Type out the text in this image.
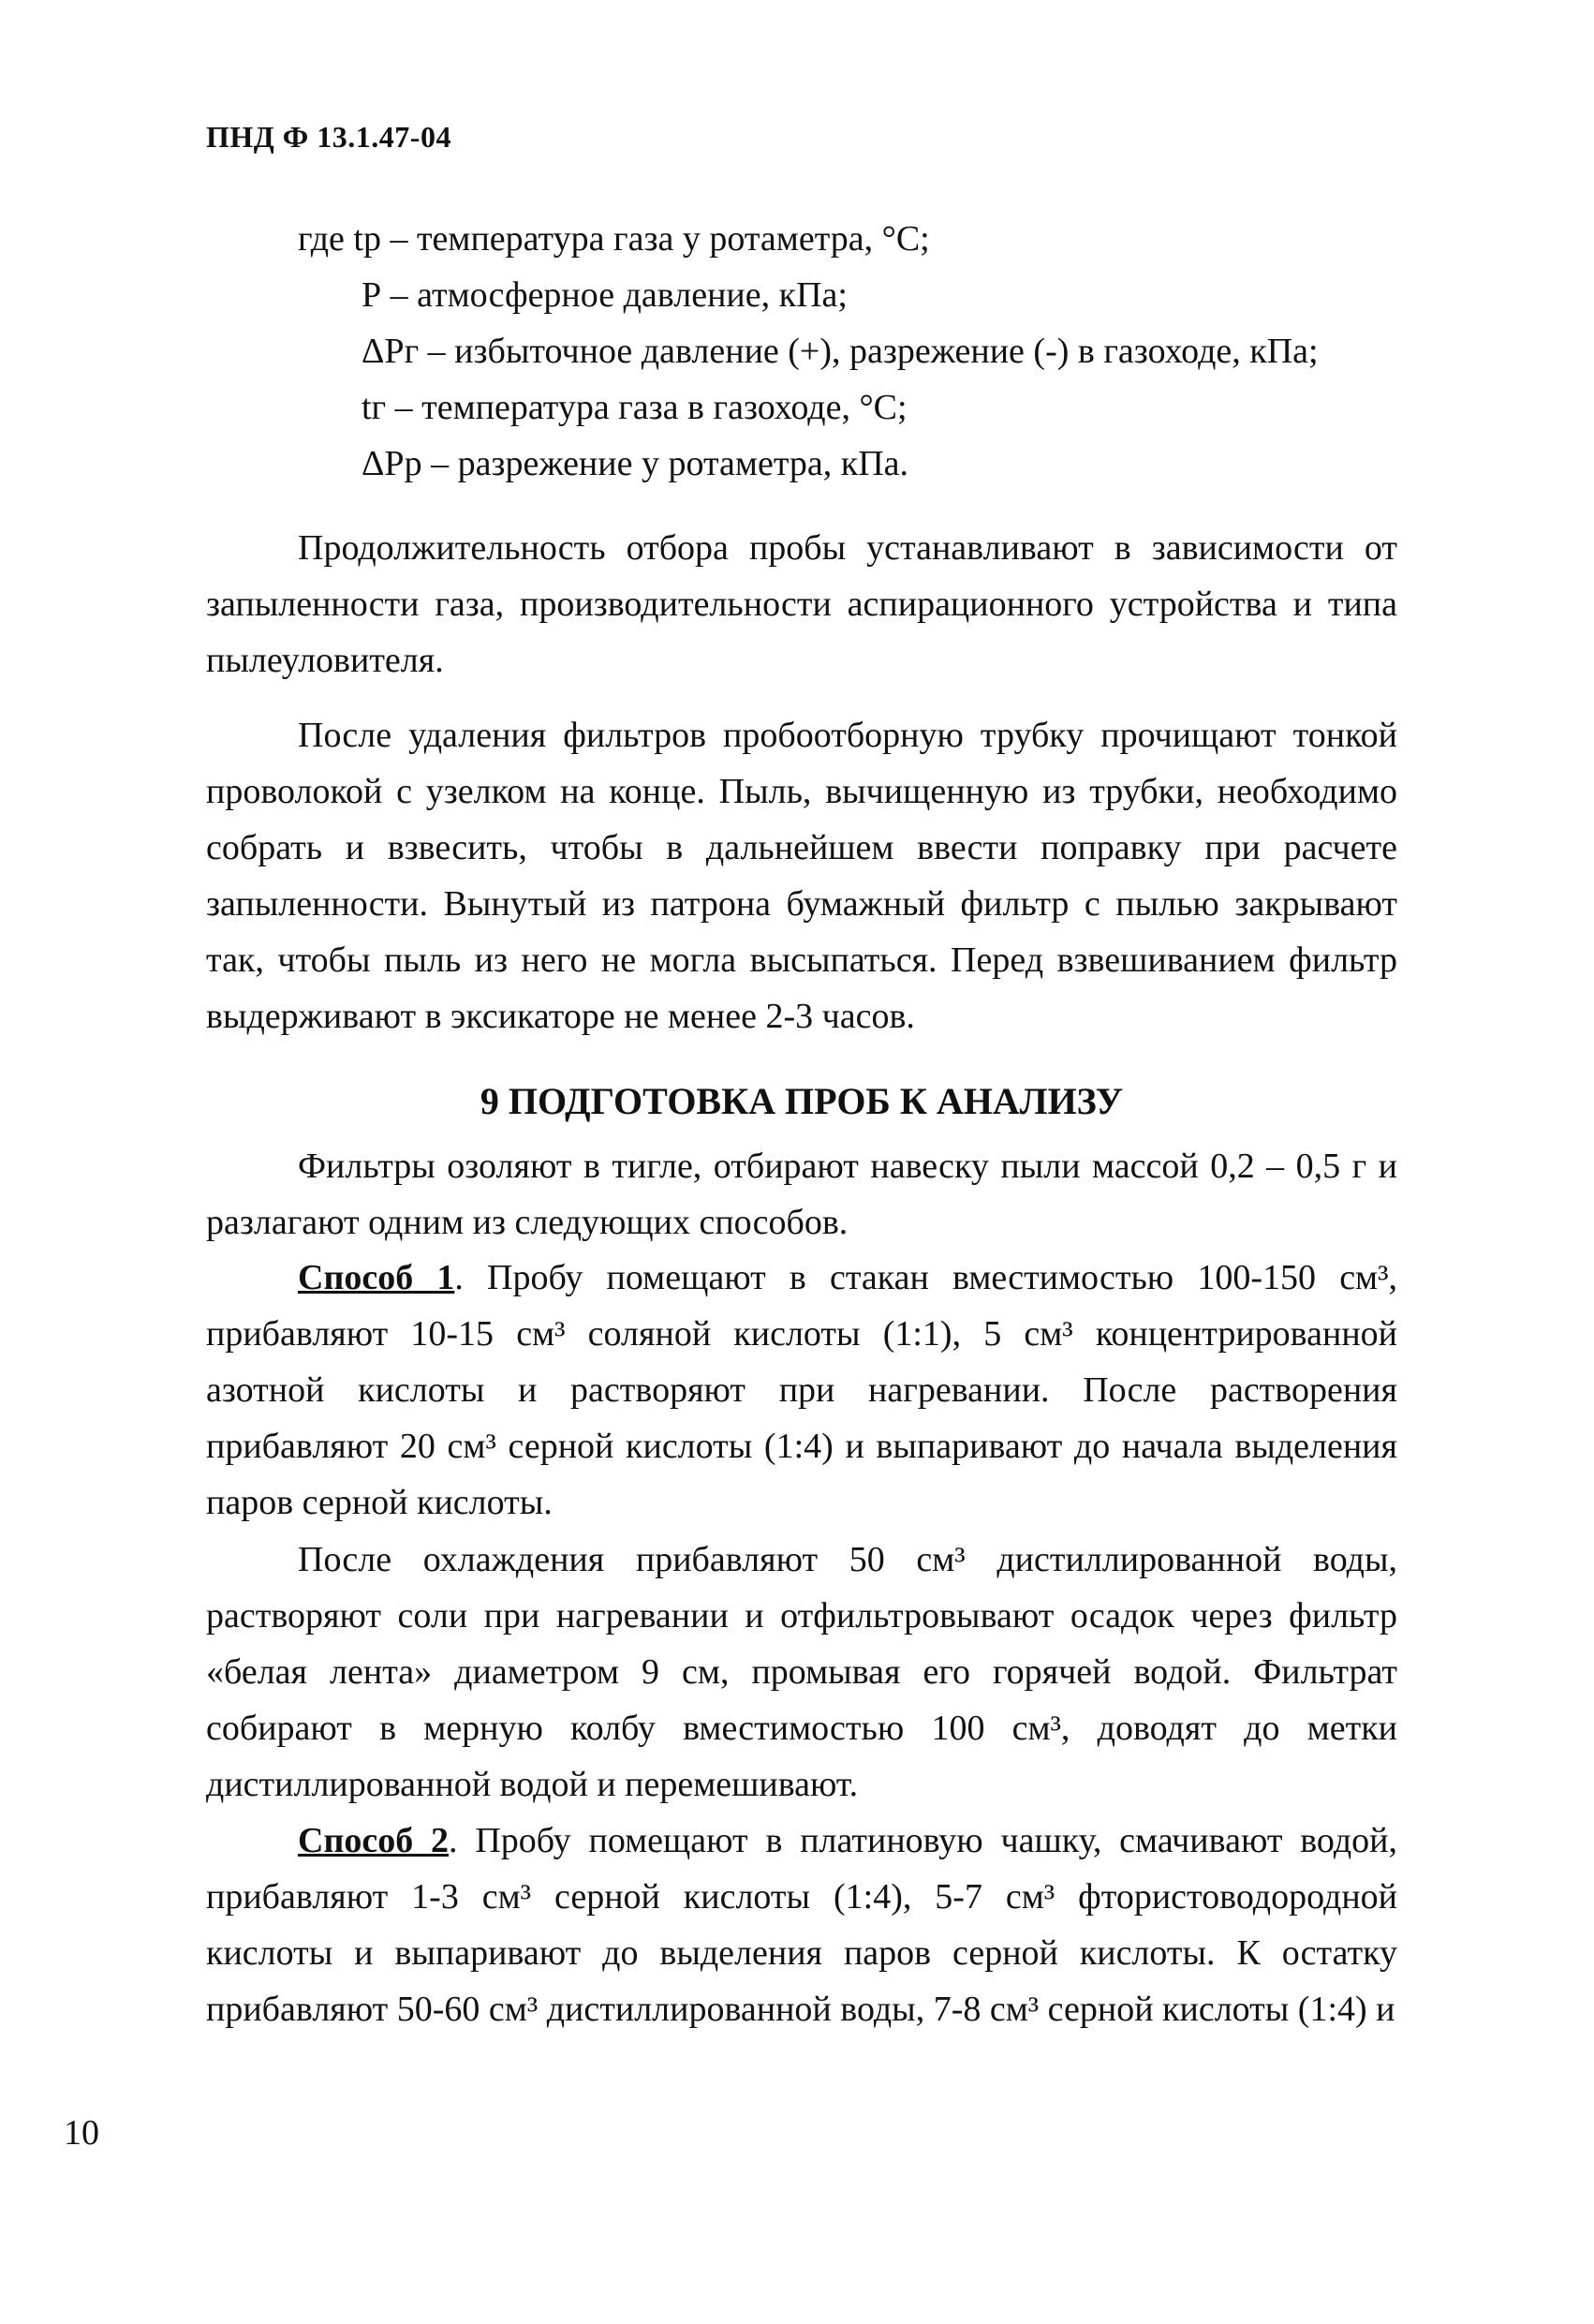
ПНД Ф 13.1.47-04
где tр – температура газа у ротаметра, °С;
Р – атмосферное давление, кПа;
ΔРг – избыточное давление (+), разрежение (-) в газоходе, кПа;
tг – температура газа в газоходе, °С;
ΔРр – разрежение у ротаметра, кПа.

Продолжительность отбора пробы устанавливают в зависимости от запыленности газа, производительности аспирационного устройства и типа пылеуловителя.

После удаления фильтров пробоотборную трубку прочищают тонкой проволокой с узелком на конце. Пыль, вычищенную из трубки, необходимо собрать и взвесить, чтобы в дальнейшем ввести поправку при расчете запыленности. Вынутый из патрона бумажный фильтр с пылью закрывают так, чтобы пыль из него не могла высыпаться. Перед взвешиванием фильтр выдерживают в эксикаторе не менее 2-3 часов.

9 ПОДГОТОВКА ПРОБ К АНАЛИЗУ

Фильтры озоляют в тигле, отбирают навеску пыли массой 0,2 – 0,5 г и разлагают одним из следующих способов.

Способ 1. Пробу помещают в стакан вместимостью 100-150 см³, прибавляют 10-15 см³ соляной кислоты (1:1), 5 см³ концентрированной азотной кислоты и растворяют при нагревании. После растворения прибавляют 20 см³ серной кислоты (1:4) и выпаривают до начала выделения паров серной кислоты.

После охлаждения прибавляют 50 см³ дистиллированной воды, растворяют соли при нагревании и отфильтровывают осадок через фильтр «белая лента» диаметром 9 см, промывая его горячей водой. Фильтрат собирают в мерную колбу вместимостью 100 см³, доводят до метки дистиллированной водой и перемешивают.

Способ 2. Пробу помещают в платиновую чашку, смачивают водой, прибавляют 1-3 см³ серной кислоты (1:4), 5-7 см³ фтористоводородной кислоты и выпаривают до выделения паров серной кислоты. К остатку прибавляют 50-60 см³ дистиллированной воды, 7-8 см³ серной кислоты (1:4) и

10
